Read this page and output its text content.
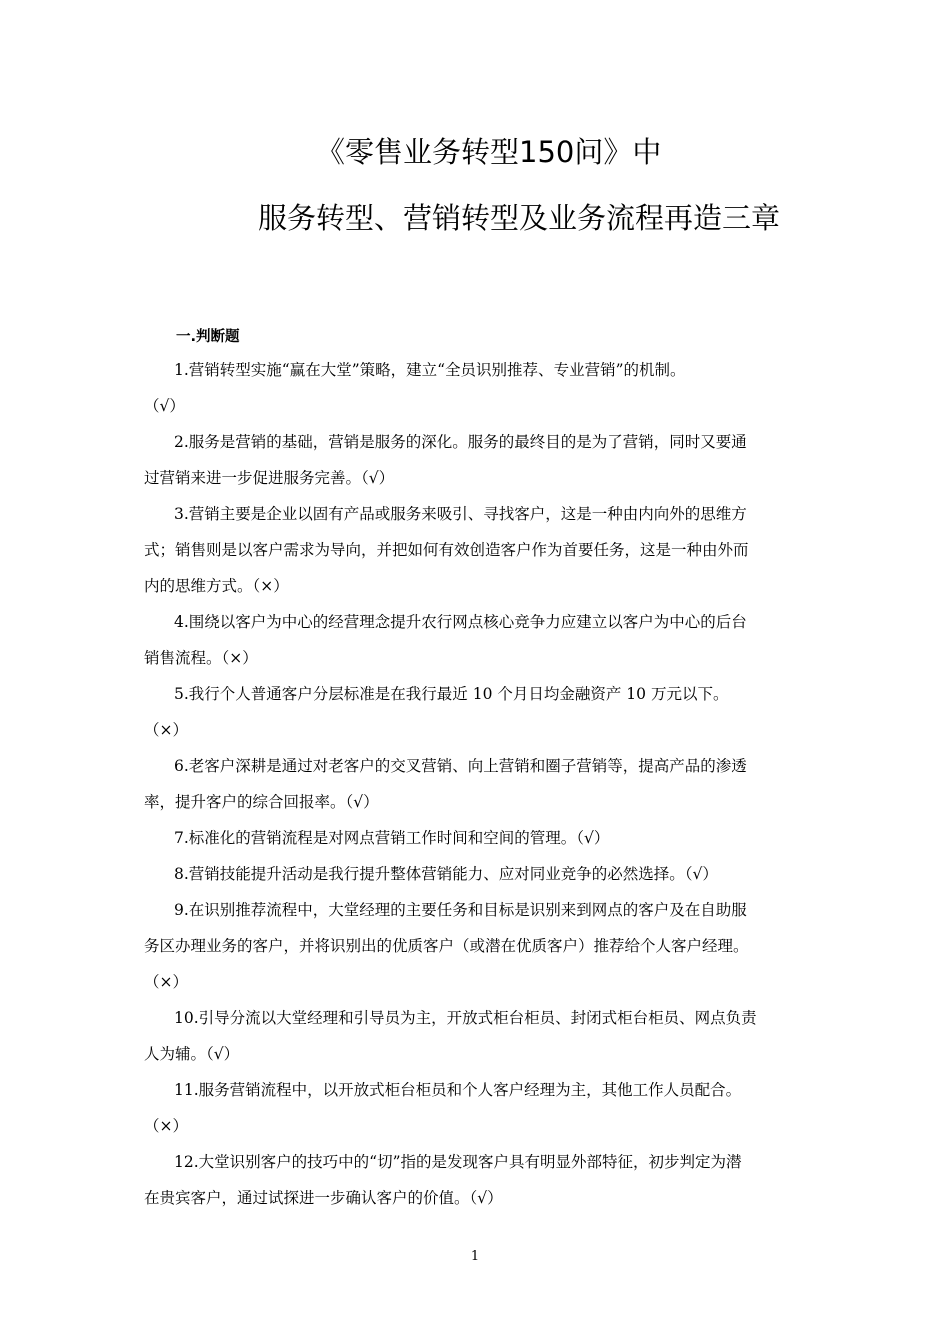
《零售业务转型150问》中
服务转型、营销转型及业务流程再造三章
一.判断题
1.营销转型实施“赢在大堂”策略，建立“全员识别推荐、专业营销”的机制。
（√）
2.服务是营销的基础，营销是服务的深化。服务的最终目的是为了营销，同时又要通
过营销来进一步促进服务完善。（√）
3.营销主要是企业以固有产品或服务来吸引、寻找客户，这是一种由内向外的思维方
式；销售则是以客户需求为导向，并把如何有效创造客户作为首要任务，这是一种由外而
内的思维方式。（×）
4.围绕以客户为中心的经营理念提升农行网点核心竞争力应建立以客户为中心的后台
销售流程。（×）
5.我行个人普通客户分层标准是在我行最近 10 个月日均金融资产 10 万元以下。
（×）
6.老客户深耕是通过对老客户的交叉营销、向上营销和圈子营销等，提高产品的渗透
率，提升客户的综合回报率。（√）
7.标准化的营销流程是对网点营销工作时间和空间的管理。（√）
8.营销技能提升活动是我行提升整体营销能力、应对同业竞争的必然选择。（√）
9.在识别推荐流程中，大堂经理的主要任务和目标是识别来到网点的客户及在自助服
务区办理业务的客户，并将识别出的优质客户（或潜在优质客户）推荐给个人客户经理。
（×）
10.引导分流以大堂经理和引导员为主，开放式柜台柜员、封闭式柜台柜员、网点负责
人为辅。（√）
11.服务营销流程中，以开放式柜台柜员和个人客户经理为主，其他工作人员配合。
（×）
12.大堂识别客户的技巧中的“切”指的是发现客户具有明显外部特征，初步判定为潜
在贵宾客户，通过试探进一步确认客户的价值。（√）
1
